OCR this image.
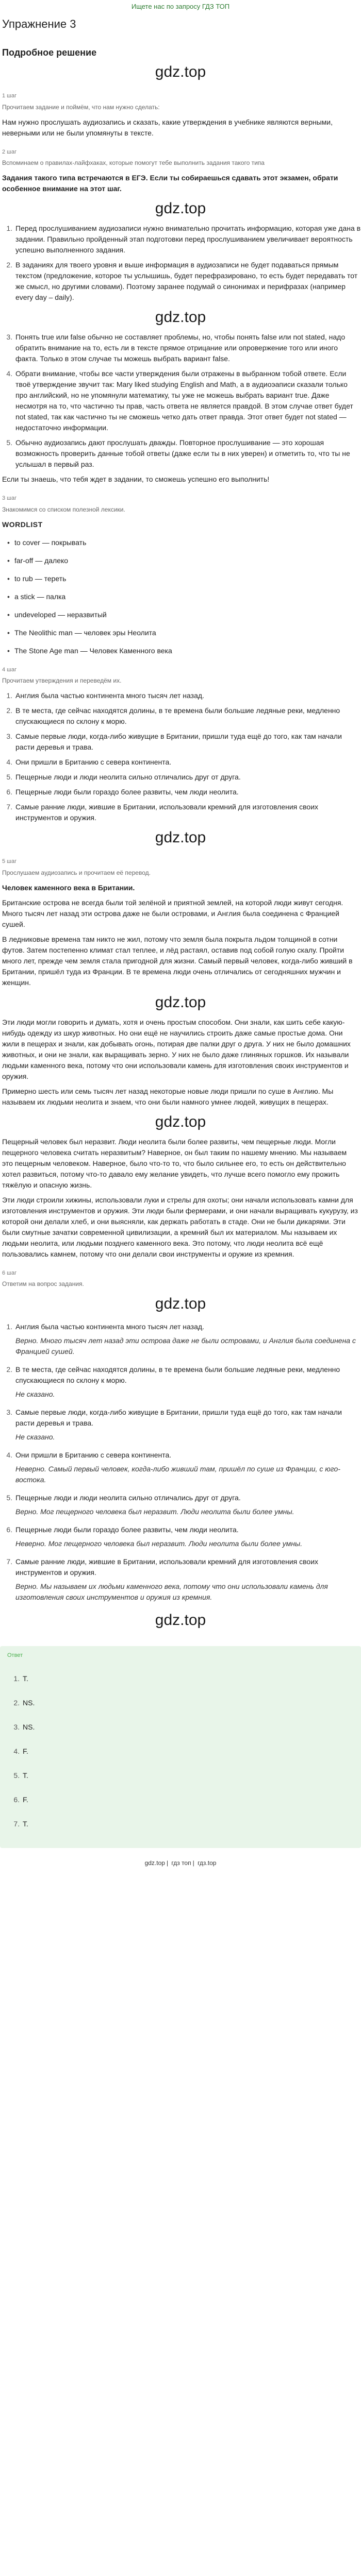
Ищете нас по запросу ГДЗ ТОП
Упражнение 3
Подробное решение
gdz.top
1 шаг
Прочитаем задание и поймём, что нам нужно сделать:

Нам нужно прослушать аудиозапись и сказать, какие утверждения в учебнике являются верными, неверными или не были упомянуты в тексте.

2 шаг
Вспоминаем о правилах-лайфхаках, которые помогут тебе выполнить задания такого типа

Задания такого типа встречаются в ЕГЭ. Если ты собираешься сдавать этот экзамен, обрати особенное внимание на этот шаг.

gdz.top
1. Перед прослушиванием аудиозаписи нужно внимательно прочитать информацию, которая уже дана в задании. Правильно пройденный этап подготовки перед прослушиванием увеличивает вероятность успешно выполненного задания.
2. В заданиях для твоего уровня и выше информация в аудиозаписи не будет подаваться прямым текстом (предложение, которое ты услышишь, будет перефразировано, то есть будет передавать тот же смысл, но другими словами). Поэтому заранее подумай о синонимах и перифразах (например every day – daily).
gdz.top
3. Понять true или false обычно не составляет проблемы, но, чтобы понять false или not stated, надо обратить внимание на то, есть ли в тексте прямое отрицание или опровержение того или иного факта. Только в этом случае ты можешь выбрать вариант false.
4. Обрати внимание, чтобы все части утверждения были отражены в выбранном тобой ответе. Если твоё утверждение звучит так: Mary liked studying English and Math, а в аудиоэаписи сказали только про английский, но не упомянули математику, ты уже не можешь выбрать вариант true. Даже несмотря на то, что частично ты прав, часть ответа не является правдой. В этом случае ответ будет not stated, так как частично ты не сможешь четко дать ответ правда. Этот ответ будет not stated — недостаточно информации.
5. Обычно аудиозапись дают прослушать дважды. Повторное прослушивание — это хорошая возможность проверить данные тобой ответы (даже если ты в них уверен) и отметить то, что ты не услышал в первый раз.

Если ты знаешь, что тебя ждет в задании, то сможешь успешно его выполнить!

3 шаг
Знакомимся со списком полезной лексики.
WORDLIST
• to cover — покрывать
• far-off — далеко
• to rub — тереть
• a stick — палка
• undeveloped — неразвитый
• The Neolithic man — человек эры Неолита
• The Stone Age man — Человек Каменного века
4 шаг
Прочитаем утверждения и переведём их.
1. Англия была частью континента много тысяч лет назад.
2. В те места, где сейчас находятся долины, в те времена были большие ледяные реки, медленно спускающиеся по склону к морю.
3. Самые первые люди, когда-либо живущие в Британии, пришли туда ещё до того, как там начали расти деревья и трава.
4. Они пришли в Британию с севера континента.
5. Пещерные люди и люди неолита сильно отличались друг от друга.
6. Пещерные люди были гораздо более развиты, чем люди неолита.
7. Самые ранние люди, жившие в Британии, использовали кремний для изготовления своих инструментов и оружия.
gdz.top
5 шаг
Прослушаем аудиозапись и прочитаем её перевод.

Человек каменного века в Британии.

Британские острова не всегда были той зелёной и приятной землей, на которой люди живут сегодня. Много тысяч лет назад эти острова даже не были островами, и Англия была соединена с Францией сушей.

В ледниковые времена там никто не жил, потому что земля была покрыта льдом толщиной в сотни футов. Затем постепенно климат стал теплее, и лёд растаял, оставив под собой голую скалу. Пройти много лет, прежде чем земля стала пригодной для жизни. Самый первый человек, когда-либо живший в Британии, пришёл туда из Франции. В те времена люди очень отличались от сегодняшних мужчин и женщин.

gdz.top

Эти люди могли говорить и думать, хотя и очень простым способом. Они знали, как шить себе какую-нибудь одежду из шкур животных. Но они ещё не научились строить даже самые простые дома. Они жили в пещерах и знали, как добывать огонь, потирая две палки друг о друга. У них не было домашних животных, и они не знали, как выращивать зерно. У них не было даже глиняных горшков. Их называли людьми каменного века, потому что они использовали камень для изготовления своих инструментов и оружия.

Примерно шесть или семь тысяч лет назад некоторые новые люди пришли по суше в Англию. Мы называем их людьми неолита и знаем, что они были намного умнее людей, живущих в пещерах.

gdz.top

Пещерный человек был неразвит. Люди неолита были более развиты, чем пещерные люди. Могли пещерного человека считать неразвитым? Наверное, он был таким по нашему мнению. Мы называем это пещерным человеком. Наверное, было что-то то, что было сильнее его, то есть он действительно хотел развиться, потому что-то давало ему желание увидеть, что лучше всего помогло ему прожить тяжёлую и опасную жизнь.

Эти люди строили хижины, использовали луки и стрелы для охоты; они начали использовать камни для изготовления инструментов и оружия. Эти люди были фермерами, и они начали выращивать кукурузу, из которой они делали хлеб, и они выясняли, как держать работать в стаде. Они не были дикарями. Эти были смутные зачатки современной цивилизации, а кремний был их материалом. Мы называем их людьми неолита, или людьми позднего каменного века. Это потому, что люди неолита всё ещё пользовались камнем, потому что они делали свои инструменты и оружие из кремния.

6 шаг
Ответим на вопрос задания.
gdz.top
1. Англия была частью континента много тысяч лет назад.
Верно. Много тысяч лет назад эти острова даже не были островами, и Англия была соединена с Францией сушей.
2. В те места, где сейчас находятся долины, в те времена были большие ледяные реки, медленно спускающиеся по склону к морю.
Не сказано.
3. Самые первые люди, когда-либо живущие в Британии, пришли туда ещё до того, как там начали расти деревья и трава.
Не сказано.
4. Они пришли в Британию с севера континента.
Неверно. Самый первый человек, когда-либо живший там, пришёл по суше из Франции, с юго-востока.
5. Пещерные люди и люди неолита сильно отличались друг от друга.
Верно. Мог пещерного человека был неразвит. Люди неолита были более умны.
6. Пещерные люди были гораздо более развиты, чем люди неолита.
Неверно. Мог пещерного человека был неразвит. Люди неолита были более умны.
7. Самые ранние люди, жившие в Британии, использовали кремний для изготовления своих инструментов и оружия.
Верно. Мы называем их людьми каменного века, потому что они использовали камень для изготовления своих инструментов и оружия из кремния.
gdz.top
Ответ
1. T.
2. NS.
3. NS.
4. F.
5. T.
6. F.
7. T.
gdz.top | гдз топ | гдз.top
